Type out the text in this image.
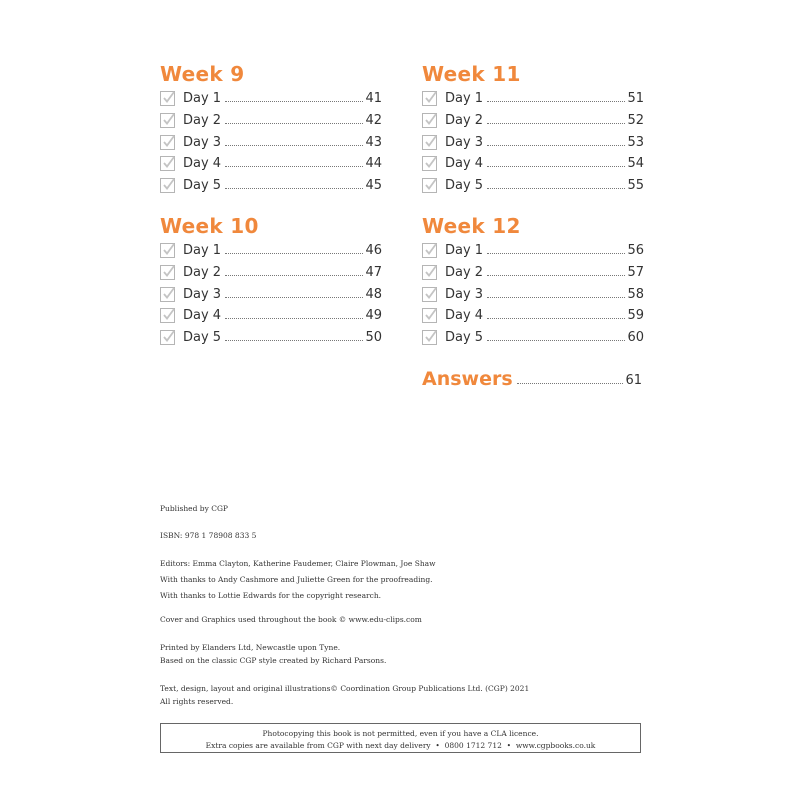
Week 9
Day 1	41
Day 2	42
Day 3	43
Day 4	44
Day 5	45
Week 10
Day 1	46
Day 2	47
Day 3	48
Day 4	49
Day 5	50
Week 11
Day 1	51
Day 2	52
Day 3	53
Day 4	54
Day 5	55
Week 12
Day 1	56
Day 2	57
Day 3	58
Day 4	59
Day 5	60
Answers	61
Published by CGP
ISBN: 978 1 78908 833 5
Editors: Emma Clayton, Katherine Faudemer, Claire Plowman, Joe Shaw
With thanks to Andy Cashmore and Juliette Green for the proofreading.
With thanks to Lottie Edwards for the copyright research.
Cover and Graphics used throughout the book © www.edu-clips.com
Printed by Elanders Ltd, Newcastle upon Tyne.
Based on the classic CGP style created by Richard Parsons.
Text, design, layout and original illustrations© Coordination Group Publications Ltd. (CGP) 2021
All rights reserved.
Photocopying this book is not permitted, even if you have a CLA licence.
Extra copies are available from CGP with next day delivery  •  0800 1712 712  •  www.cgpbooks.co.uk
